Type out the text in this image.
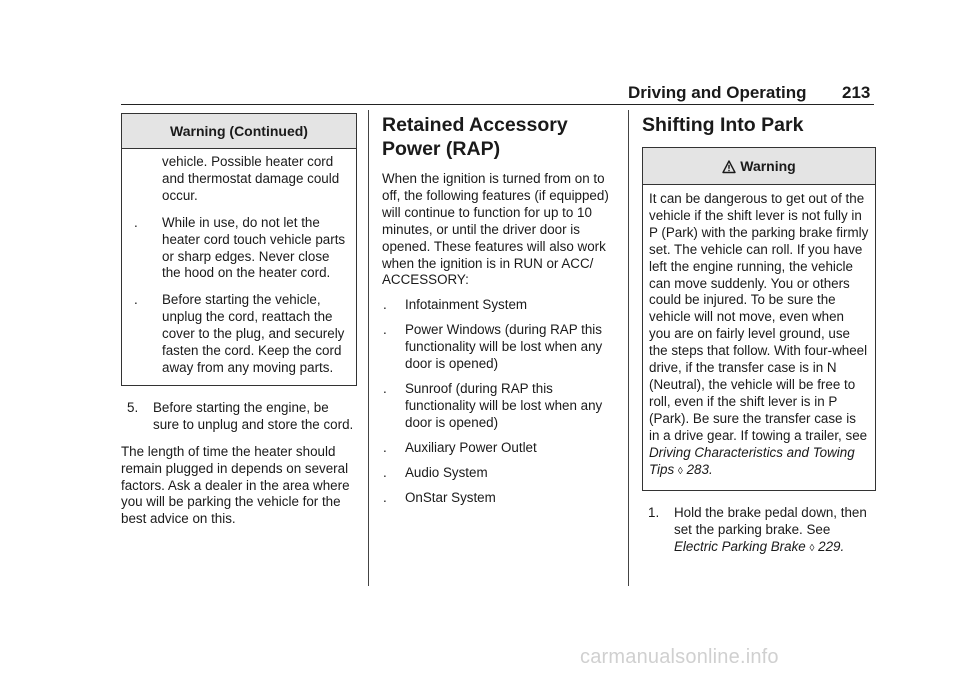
Driving and Operating 213
Warning (Continued)

vehicle. Possible heater cord and thermostat damage could occur.

.	While in use, do not let the heater cord touch vehicle parts or sharp edges. Never close the hood on the heater cord.
.	Before starting the vehicle, unplug the cord, reattach the cover to the plug, and securely fasten the cord. Keep the cord away from any moving parts.
5.	Before starting the engine, be sure to unplug and store the cord.

The length of time the heater should remain plugged in depends on several factors. Ask a dealer in the area where you will be parking the vehicle for the best advice on this.

Retained Accessory Power (RAP)

When the ignition is turned from on to off, the following features (if equipped) will continue to function for up to 10 minutes, or until the driver door is opened. These features will also work when the ignition is in RUN or ACC/ ACCESSORY:

.	Infotainment System
.	Power Windows (during RAP this functionality will be lost when any door is opened)
.	Sunroof (during RAP this functionality will be lost when any door is opened)
.	Auxiliary Power Outlet
.	Audio System
.	OnStar System
Shifting Into Park
Warning
It can be dangerous to get out of the vehicle if the shift lever is not fully in P (Park) with the parking brake firmly set. The vehicle can roll. If you have left the engine running, the vehicle can move suddenly. You or others could be injured. To be sure the vehicle will not move, even when you are on fairly level ground, use the steps that follow. With four-wheel drive, if the transfer case is in N (Neutral), the vehicle will be free to roll, even if the shift lever is in P (Park). Be sure the transfer case is in a drive gear. If towing a trailer, see Driving Characteristics and Towing Tips ◊ 283.
1.	Hold the brake pedal down, then set the parking brake. See Electric Parking Brake ◊ 229.
carmanualsonline.info
